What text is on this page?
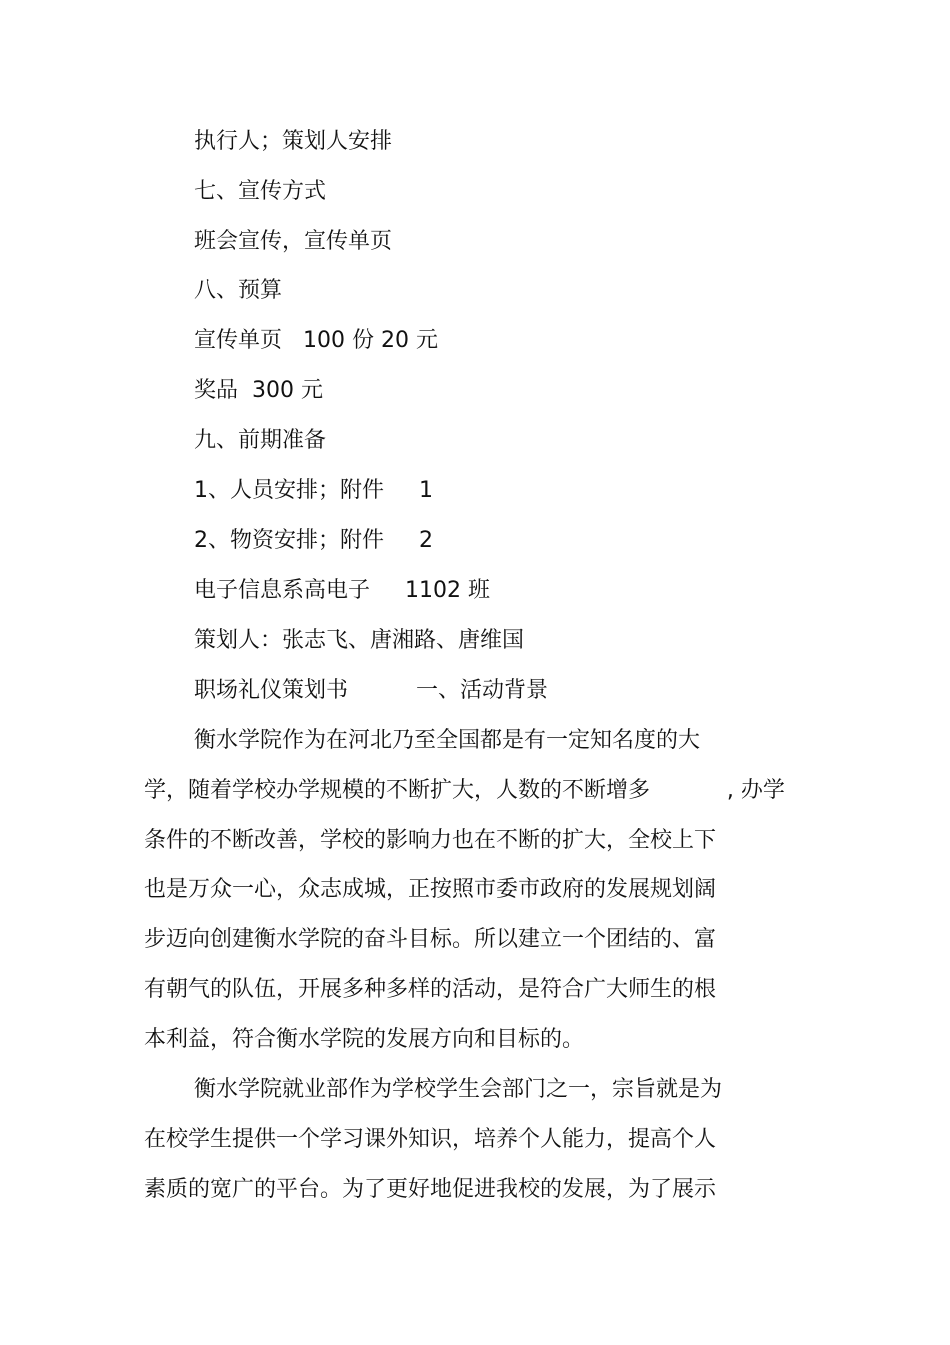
执行人；策划人安排

七、宣传方式

班会宣传，宣传单页

八、预算

宣传单页   100 份 20 元

奖品  300 元

九、前期准备

1、人员安排；附件     1

2、物资安排；附件     2

电子信息系高电子     1102 班

策划人：张志飞、唐湘路、唐维国

职场礼仪策划书	一、活动背景

衡水学院作为在河北乃至全国都是有一定知名度的大

学，随着学校办学规模的不断扩大，人数的不断增多           , 办学

条件的不断改善，学校的影响力也在不断的扩大，全校上下

也是万众一心，众志成城，正按照市委市政府的发展规划阔

步迈向创建衡水学院的奋斗目标。所以建立一个团结的、富

有朝气的队伍，开展多种多样的活动，是符合广大师生的根

本利益，符合衡水学院的发展方向和目标的。

衡水学院就业部作为学校学生会部门之一，宗旨就是为

在校学生提供一个学习课外知识，培养个人能力，提高个人

素质的宽广的平台。为了更好地促进我校的发展，为了展示
